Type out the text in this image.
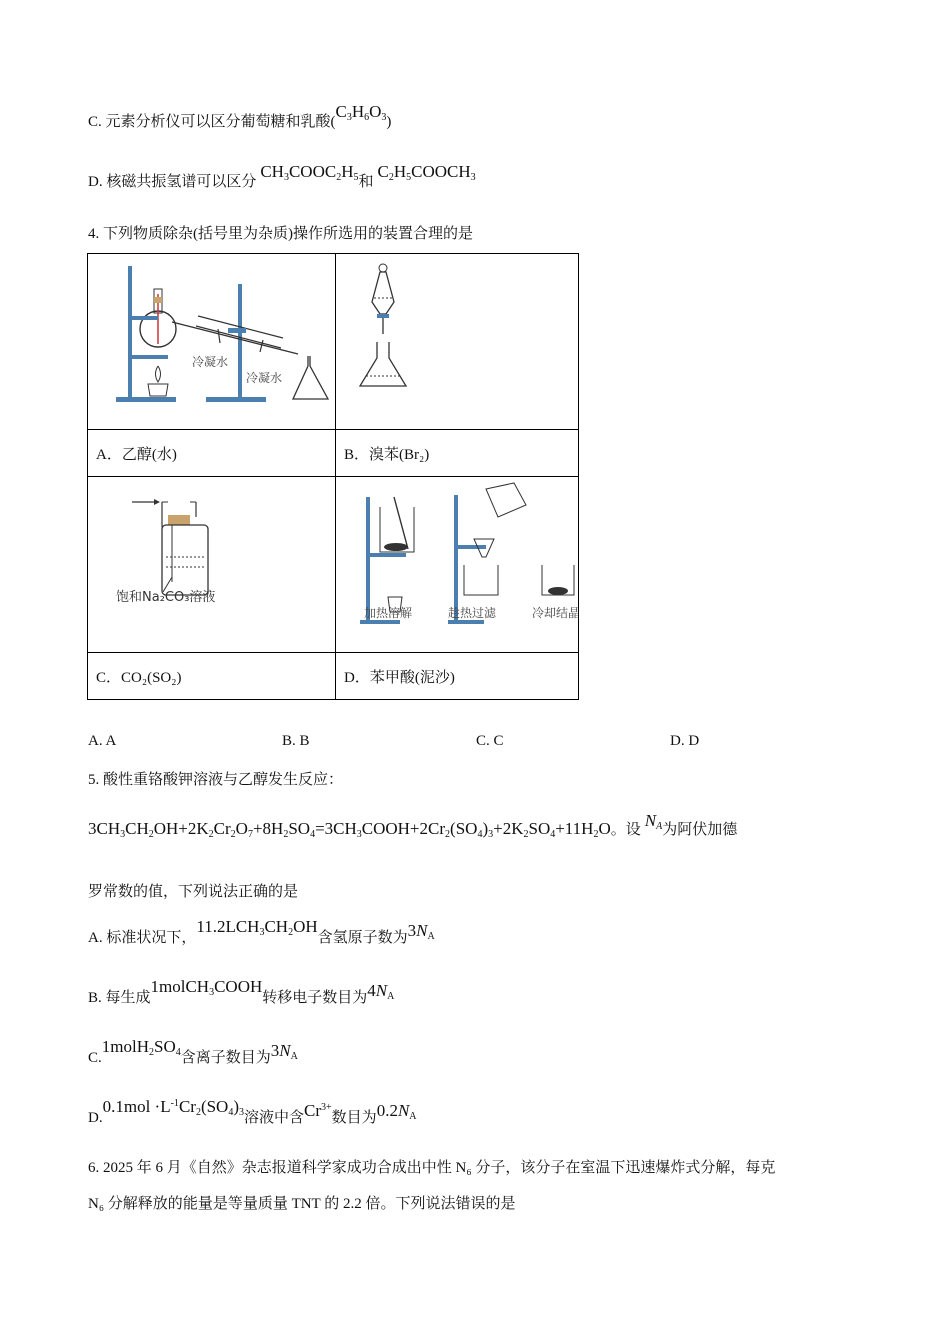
C. 元素分析仪可以区分葡萄糖和乳酸$(C_3H_6O_3)$
D. 核磁共振氢谱可以区分$CH_3COOC_2H_5$和$C_2H_5COOCH_3$
4. 下列物质除杂(括号里为杂质)操作所选用的装置合理的是
冷凝水
冷凝水

A．乙醇(水)	B．溴苯(Br₂)

饱和Na₂CO₃溶液	加热溶解 趁热过滤 冷却结晶

C．CO₂(SO₂)	D．苯甲酸(泥沙)
A. A	B. B	C. C	D. D
5. 酸性重铬酸钾溶液与乙醇发生反应：
$3CH_3CH_2OH+2K_2Cr_2O_7+8H_2SO_4=3CH_3COOH+2Cr_2(SO_4)_3+2K_2SO_4+11H_2O$。设 $N_A$为阿伏加德
罗常数的值，下列说法正确的是
A. 标准状况下，$11.2LCH_3CH_2OH$含氢原子数为$3N_A$
B. 每生成1molCH$_3$COOH转移电子数目为$4N_A$
$C.1molH_2SO_4$含离子数目为$3N_A$
$D.0.1mol \cdot L^{-1}Cr_2(SO_4)_3$溶液中含$Cr^{3+}$数目为$0.2N_A$
6. 2025 年 6 月《自然》杂志报道科学家成功合成出中性 N₆ 分子，该分子在室温下迅速爆炸式分解，每克
N₆ 分解释放的能量是等量质量 TNT 的 2.2 倍。下列说法错误的是
